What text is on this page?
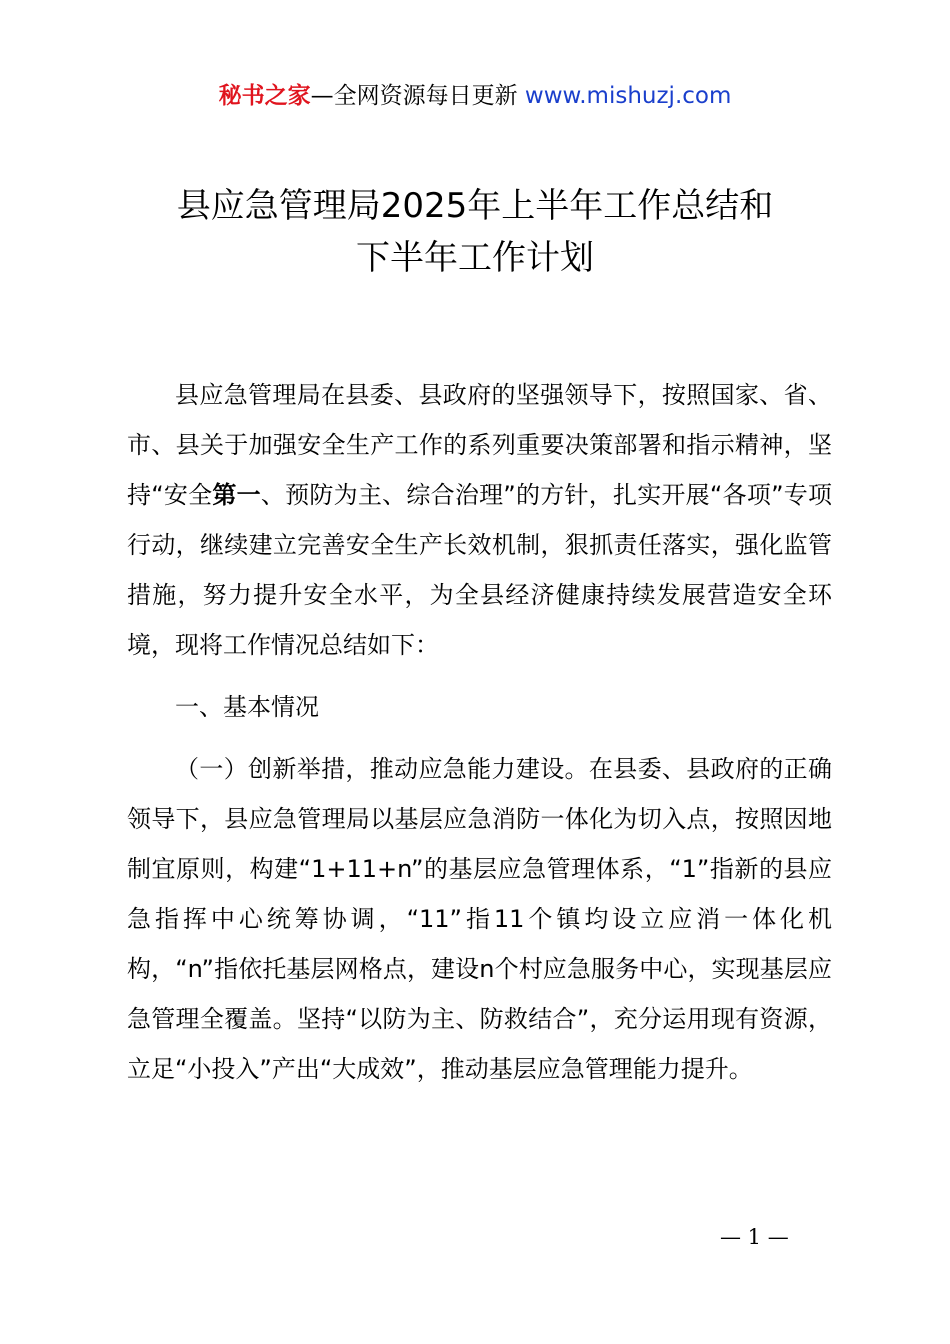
秘书之家—全网资源每日更新 www.mishuzj.com
县应急管理局2025年上半年工作总结和
下半年工作计划

县应急管理局在县委、县政府的坚强领导下，按照国家、省、市、县关于加强安全生产工作的系列重要决策部署和指示精神，坚持“安全第一、预防为主、综合治理”的方针，扎实开展“各项”专项行动，继续建立完善安全生产长效机制，狠抓责任落实，强化监管措施，努力提升安全水平，为全县经济健康持续发展营造安全环境，现将工作情况总结如下：

一、基本情况

（一）创新举措，推动应急能力建设。在县委、县政府的正确领导下，县应急管理局以基层应急消防一体化为切入点，按照因地制宜原则，构建“1+11+n”的基层应急管理体系，“1”指新的县应急指挥中心统筹协调，“11”指11个镇均设立应消一体化机构，“n”指依托基层网格点，建设n个村应急服务中心，实现基层应急管理全覆盖。坚持“以防为主、防救结合”，充分运用现有资源，立足“小投入”产出“大成效”，推动基层应急管理能力提升。

— 1 —
